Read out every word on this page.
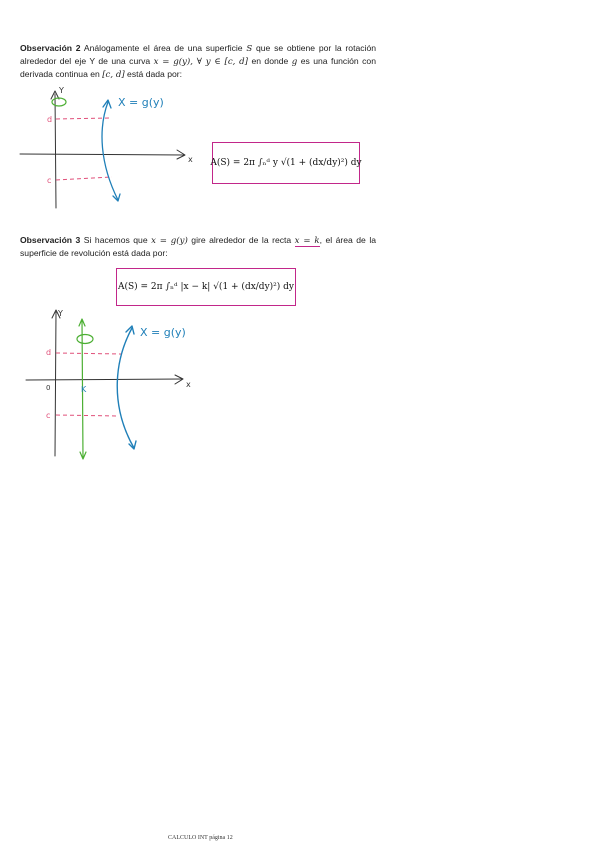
Observación 2 Análogamente el área de una superficie S que se obtiene por la rotación alrededor del eje Y de una curva x = g(y), ∀ y ∈ [c, d] en donde g es una función con derivada continua en [c, d] está dada por:
Y
x
d
c
X = g(y)
A(S) = 2π ∫ₙᵈ y √(1 + (dx/dy)²) dy
Observación 3 Si hacemos que x = g(y) gire alrededor de la recta x = k, el área de la superficie de revolución está dada por:
A(S) = 2π ∫ₙᵈ |x − k| √(1 + (dx/dy)²) dy
Y
x
0	K
d
c
X = g(y)
CALCULO INT página 12
